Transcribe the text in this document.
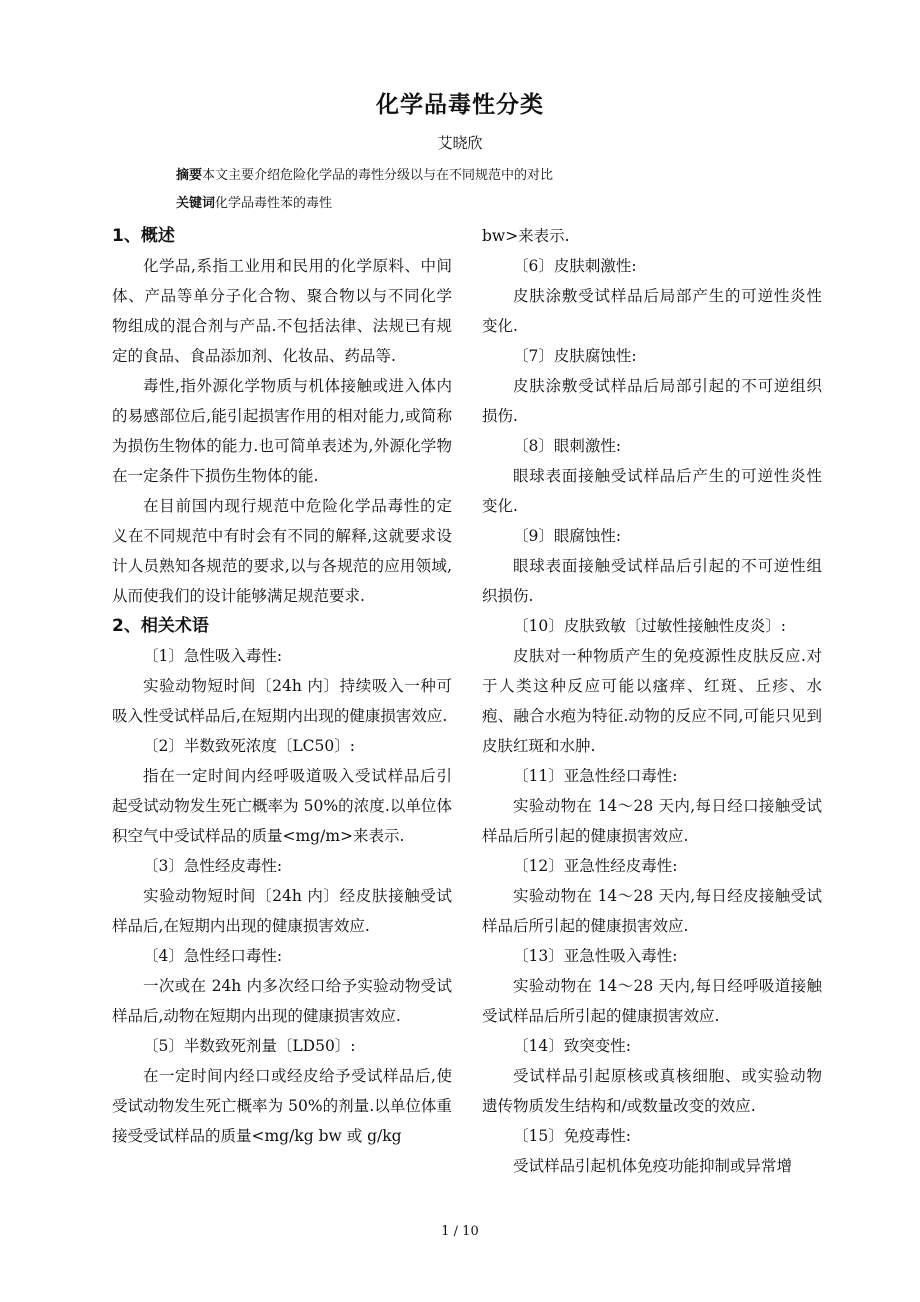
化学品毒性分类
艾晓欣
摘要本文主要介绍危险化学品的毒性分级以与在不同规范中的对比
关键词化学品毒性苯的毒性
1、概述

化学品,系指工业用和民用的化学原料、中间体、产品等单分子化合物、聚合物以与不同化学物组成的混合剂与产品.不包括法律、法规已有规定的食品、食品添加剂、化妆品、药品等.

毒性,指外源化学物质与机体接触或进入体内的易感部位后,能引起损害作用的相对能力,或简称为损伤生物体的能力.也可简单表述为,外源化学物在一定条件下损伤生物体的能.

在目前国内现行规范中危险化学品毒性的定义在不同规范中有时会有不同的解释,这就要求设计人员熟知各规范的要求,以与各规范的应用领域,从而使我们的设计能够满足规范要求.

2、相关术语

〔1〕急性吸入毒性:

实验动物短时间〔24h 内〕持续吸入一种可吸入性受试样品后,在短期内出现的健康损害效应.

〔2〕半数致死浓度〔LC50〕:

指在一定时间内经呼吸道吸入受试样品后引起受试动物发生死亡概率为 50%的浓度.以单位体积空气中受试样品的质量<mg/m>来表示.

〔3〕急性经皮毒性:

实验动物短时间〔24h 内〕经皮肤接触受试样品后,在短期内出现的健康损害效应.

〔4〕急性经口毒性:

一次或在 24h 内多次经口给予实验动物受试样品后,动物在短期内出现的健康损害效应.

〔5〕半数致死剂量〔LD50〕:

在一定时间内经口或经皮给予受试样品后,使受试动物发生死亡概率为 50%的剂量.以单位体重接受受试样品的质量<mg/kg bw 或 g/kg

bw>来表示.

〔6〕皮肤刺激性:

皮肤涂敷受试样品后局部产生的可逆性炎性变化.

〔7〕皮肤腐蚀性:

皮肤涂敷受试样品后局部引起的不可逆组织损伤.

〔8〕眼刺激性:

眼球表面接触受试样品后产生的可逆性炎性变化.

〔9〕眼腐蚀性:

眼球表面接触受试样品后引起的不可逆性组织损伤.

〔10〕皮肤致敏〔过敏性接触性皮炎〕:

皮肤对一种物质产生的免疫源性皮肤反应.对于人类这种反应可能以瘙痒、红斑、丘疹、水疱、融合水疱为特征.动物的反应不同,可能只见到皮肤红斑和水肿.

〔11〕亚急性经口毒性:

实验动物在 14～28 天内,每日经口接触受试样品后所引起的健康损害效应.

〔12〕亚急性经皮毒性:

实验动物在 14～28 天内,每日经皮接触受试样品后所引起的健康损害效应.

〔13〕亚急性吸入毒性:

实验动物在 14～28 天内,每日经呼吸道接触受试样品后所引起的健康损害效应.

〔14〕致突变性:

受试样品引起原核或真核细胞、或实验动物遗传物质发生结构和/或数量改变的效应.

〔15〕免疫毒性:

受试样品引起机体免疫功能抑制或异常增

1 / 10
